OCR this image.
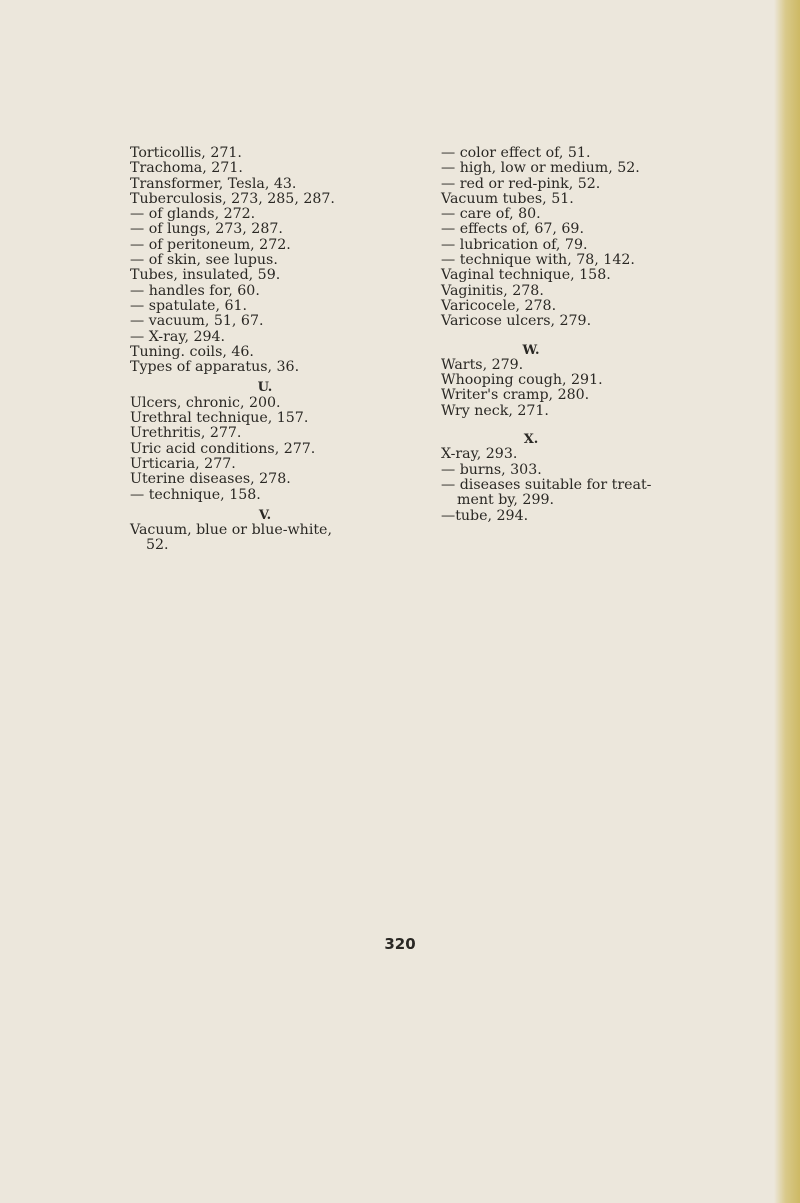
Torticollis, 271.
Trachoma, 271.
Transformer, Tesla, 43.
Tuberculosis, 273, 285, 287.
— of glands, 272.
— of lungs, 273, 287.
— of peritoneum, 272.
— of skin, see lupus.
Tubes, insulated, 59.
— handles for, 60.
— spatulate, 61.
— vacuum, 51, 67.
— X-ray, 294.
Tuning. coils, 46.
Types of apparatus, 36.
U.
Ulcers, chronic, 200.
Urethral technique, 157.
Urethritis, 277.
Uric acid conditions, 277.
Urticaria, 277.
Uterine diseases, 278.
— technique, 158.
V.
Vacuum, blue or blue-white,
52.
— color effect of, 51.
— high, low or medium, 52.
— red or red-pink, 52.
Vacuum tubes, 51.
— care of, 80.
— effects of, 67, 69.
— lubrication of, 79.
— technique with, 78, 142.
Vaginal technique, 158.
Vaginitis, 278.
Varicocele, 278.
Varicose ulcers, 279.
W.
Warts, 279.
Whooping cough, 291.
Writer's cramp, 280.
Wry neck, 271.
X.
X-ray, 293.
— burns, 303.
— diseases suitable for treat-
ment by, 299.
—tube, 294.
320
